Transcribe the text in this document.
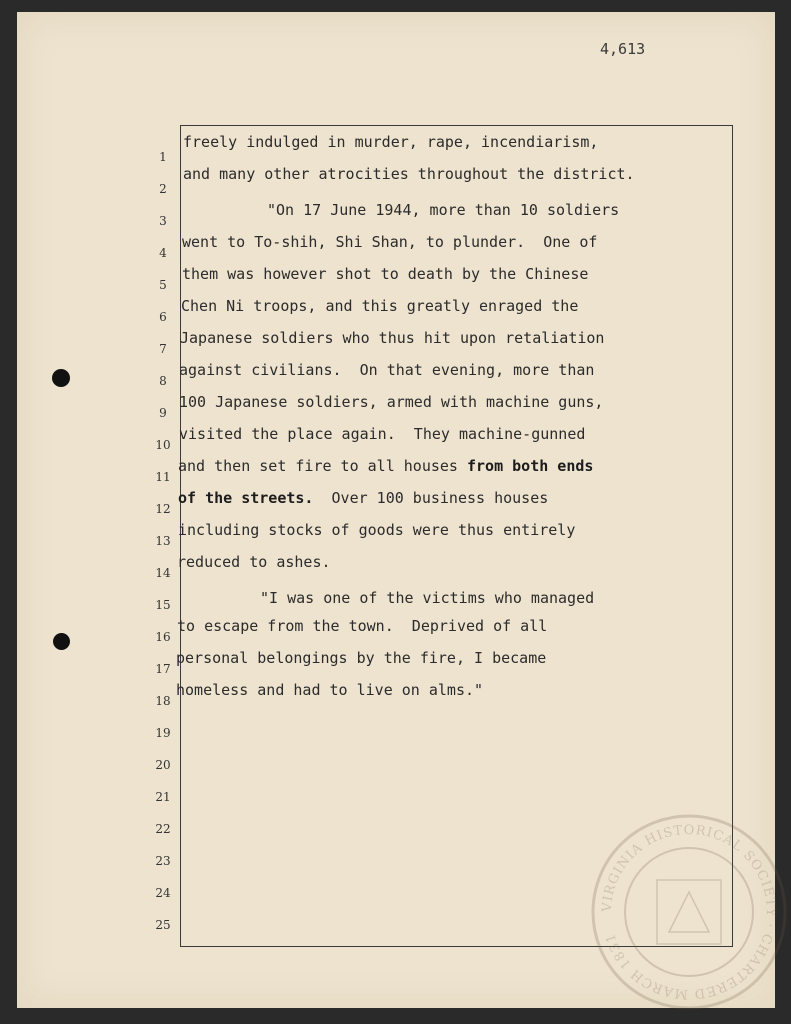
4,613
1
2
3
4
5
6
7
8
9
10
11
12
13
14
15
16
17
18
19
20
21
22
23
24
25
freely indulged in murder, rape, incendiarism,
and many other atrocities throughout the district.
"On 17 June 1944, more than 10 soldiers
went to To-shih, Shi Shan, to plunder.  One of
them was however shot to death by the Chinese
Chen Ni troops, and this greatly enraged the
Japanese soldiers who thus hit upon retaliation
against civilians.  On that evening, more than
100 Japanese soldiers, armed with machine guns,
visited the place again.  They machine-gunned
and then set fire to all houses from both ends
of the streets.  Over 100 business houses
including stocks of goods were thus entirely
reduced to ashes.
"I was one of the victims who managed
to escape from the town.  Deprived of all
personal belongings by the fire, I became
homeless and had to live on alms."
VIRGINIA HISTORICAL SOCIETY · CHARTERED MARCH 1831
